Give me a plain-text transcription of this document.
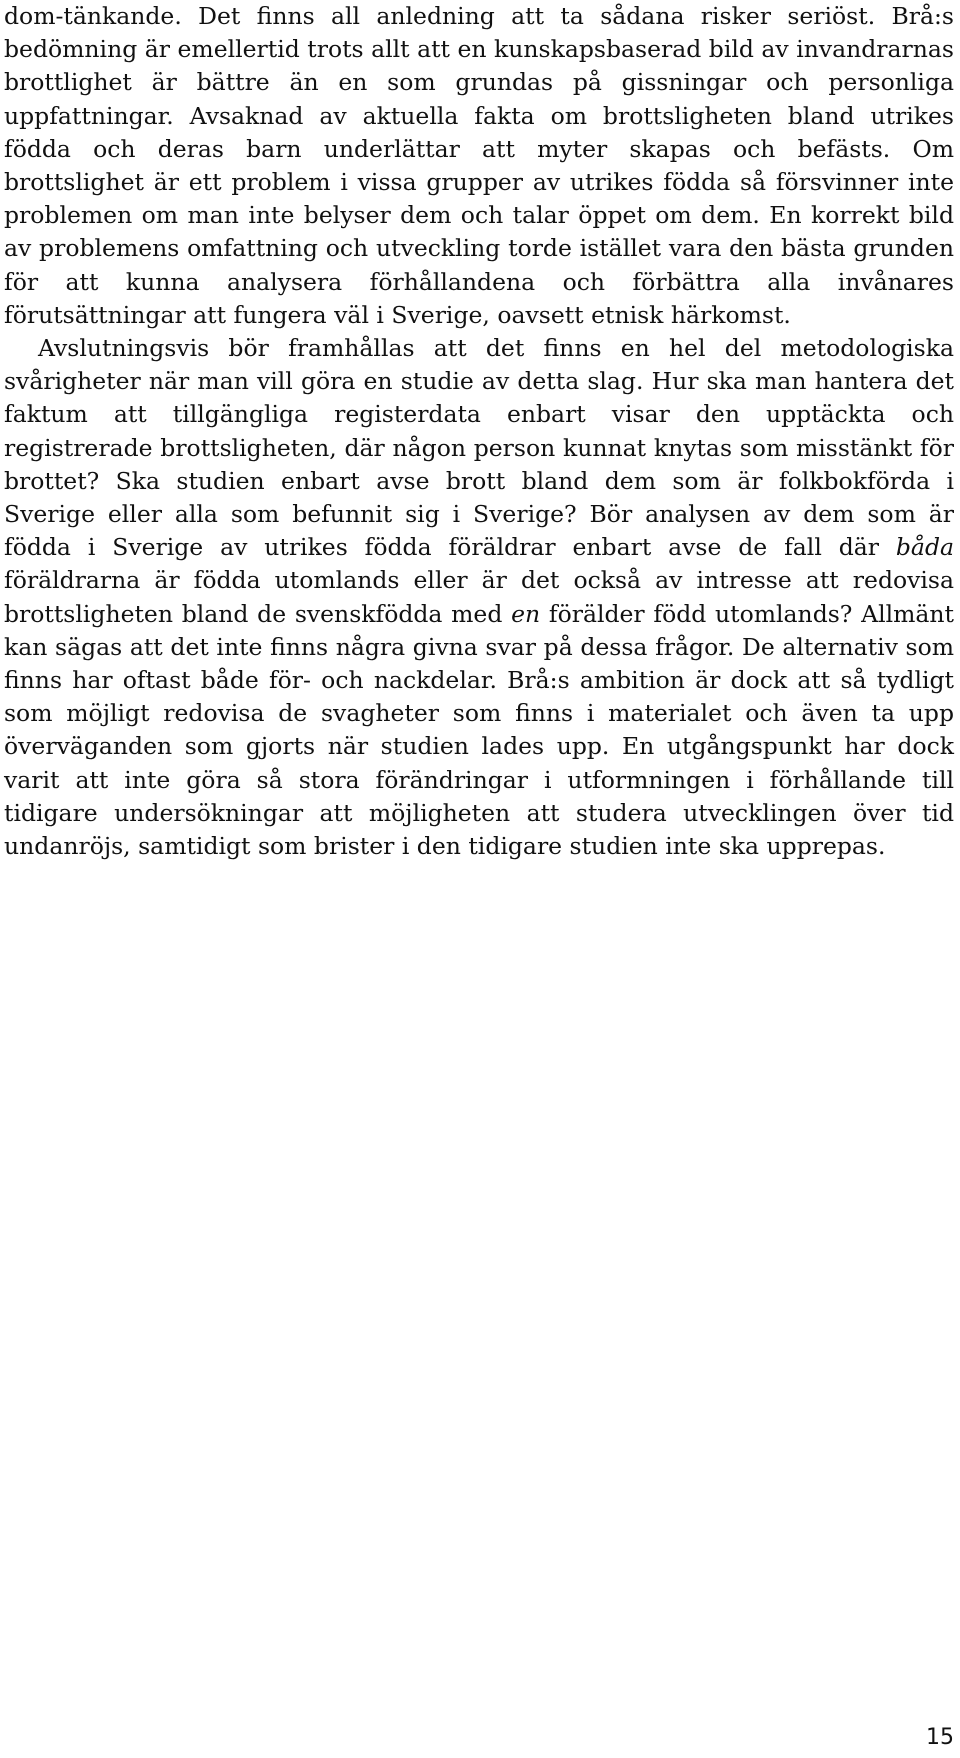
dom-tänkande. Det finns all anledning att ta sådana risker seriöst. Brå:s bedömning är emellertid trots allt att en kunskapsbaserad bild av invandrarnas brottlighet är bättre än en som grundas på gissningar och personliga uppfattningar. Avsaknad av aktuella fakta om brottsligheten bland utrikes födda och deras barn underlättar att myter skapas och befästs. Om brottslighet är ett problem i vissa grupper av utrikes födda så försvinner inte problemen om man inte belyser dem och talar öppet om dem. En korrekt bild av problemens omfattning och utveckling torde istället vara den bästa grunden för att kunna analysera förhållandena och förbättra alla invånares förutsättningar att fungera väl i Sverige, oavsett etnisk härkomst.

Avslutningsvis bör framhållas att det finns en hel del metodologiska svårigheter när man vill göra en studie av detta slag. Hur ska man hantera det faktum att tillgängliga registerdata enbart visar den upptäckta och registrerade brottsligheten, där någon person kunnat knytas som misstänkt för brottet? Ska studien enbart avse brott bland dem som är folkbokförda i Sverige eller alla som befunnit sig i Sverige? Bör analysen av dem som är födda i Sverige av utrikes födda föräldrar enbart avse de fall där båda föräldrarna är födda utomlands eller är det också av intresse att redovisa brottsligheten bland de svenskfödda med en förälder född utomlands? Allmänt kan sägas att det inte finns några givna svar på dessa frågor. De alternativ som finns har oftast både för- och nackdelar. Brå:s ambition är dock att så tydligt som möjligt redovisa de svagheter som finns i materialet och även ta upp överväganden som gjorts när studien lades upp. En utgångspunkt har dock varit att inte göra så stora förändringar i utformningen i förhållande till tidigare undersökningar att möjligheten att studera utvecklingen över tid undanröjs, samtidigt som brister i den tidigare studien inte ska upprepas.

15
